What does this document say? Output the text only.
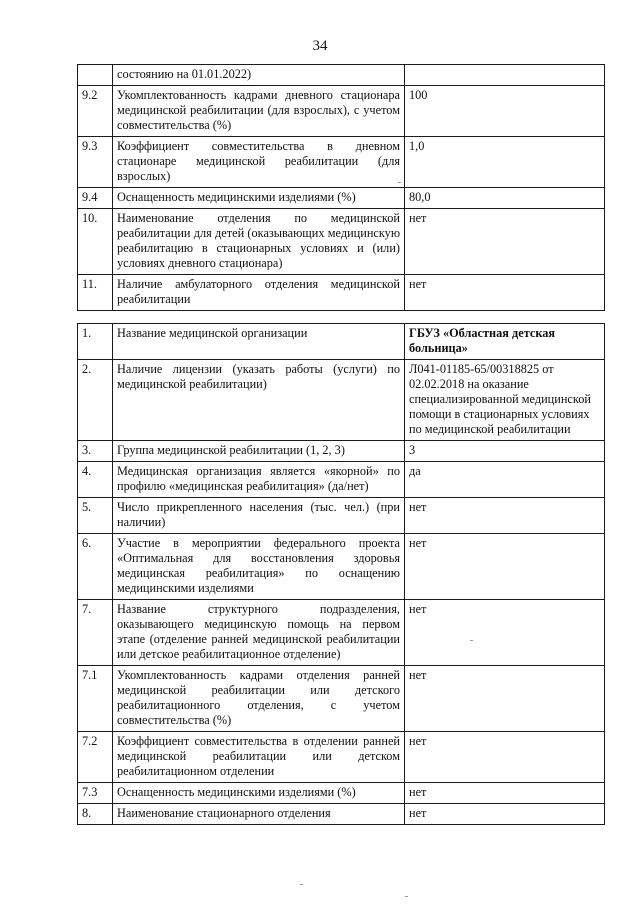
34
	состоянию на 01.01.2022)	
9.2	Укомплектованность кадрами дневного стационара медицинской реабилитации (для взрослых), с учетом совместительства (%)	100
9.3	Коэффициент совместительства в дневном стационаре медицинской реабилитации (для взрослых)	1,0
9.4	Оснащенность медицинскими изделиями (%)	80,0
10.	Наименование отделения по медицинской реабилитации для детей (оказывающих медицинскую реабилитацию в стационарных условиях и (или) условиях дневного стационара)	нет
11.	Наличие амбулаторного отделения медицинской реабилитации	нет
1.	Название медицинской организации	ГБУЗ «Областная детская больница»
2.	Наличие лицензии (указать работы (услуги) по медицинской реабилитации)	Л041-01185-65/00318825 от 02.02.2018 на оказание специализированной медицинской помощи в стационарных условиях по медицинской реабилитации
3.	Группа медицинской реабилитации (1, 2, 3)	3
4.	Медицинская организация является «якорной» по профилю «медицинская реабилитация» (да/нет)	да
5.	Число прикрепленного населения (тыс. чел.) (при наличии)	нет
6.	Участие в мероприятии федерального проекта «Оптимальная для восстановления здоровья медицинская реабилитация» по оснащению медицинскими изделиями	нет
7.	Название структурного подразделения, оказывающего медицинскую помощь на первом этапе (отделение ранней медицинской реабилитации или детское реабилитационное отделение)	нет
7.1	Укомплектованность кадрами отделения ранней медицинской реабилитации или детского реабилитационного отделения, с учетом совместительства (%)	нет
7.2	Коэффициент совместительства в отделении ранней медицинской реабилитации или детском реабилитационном отделении	нет
7.3	Оснащенность медицинскими изделиями (%)	нет
8.	Наименование стационарного отделения	нет
